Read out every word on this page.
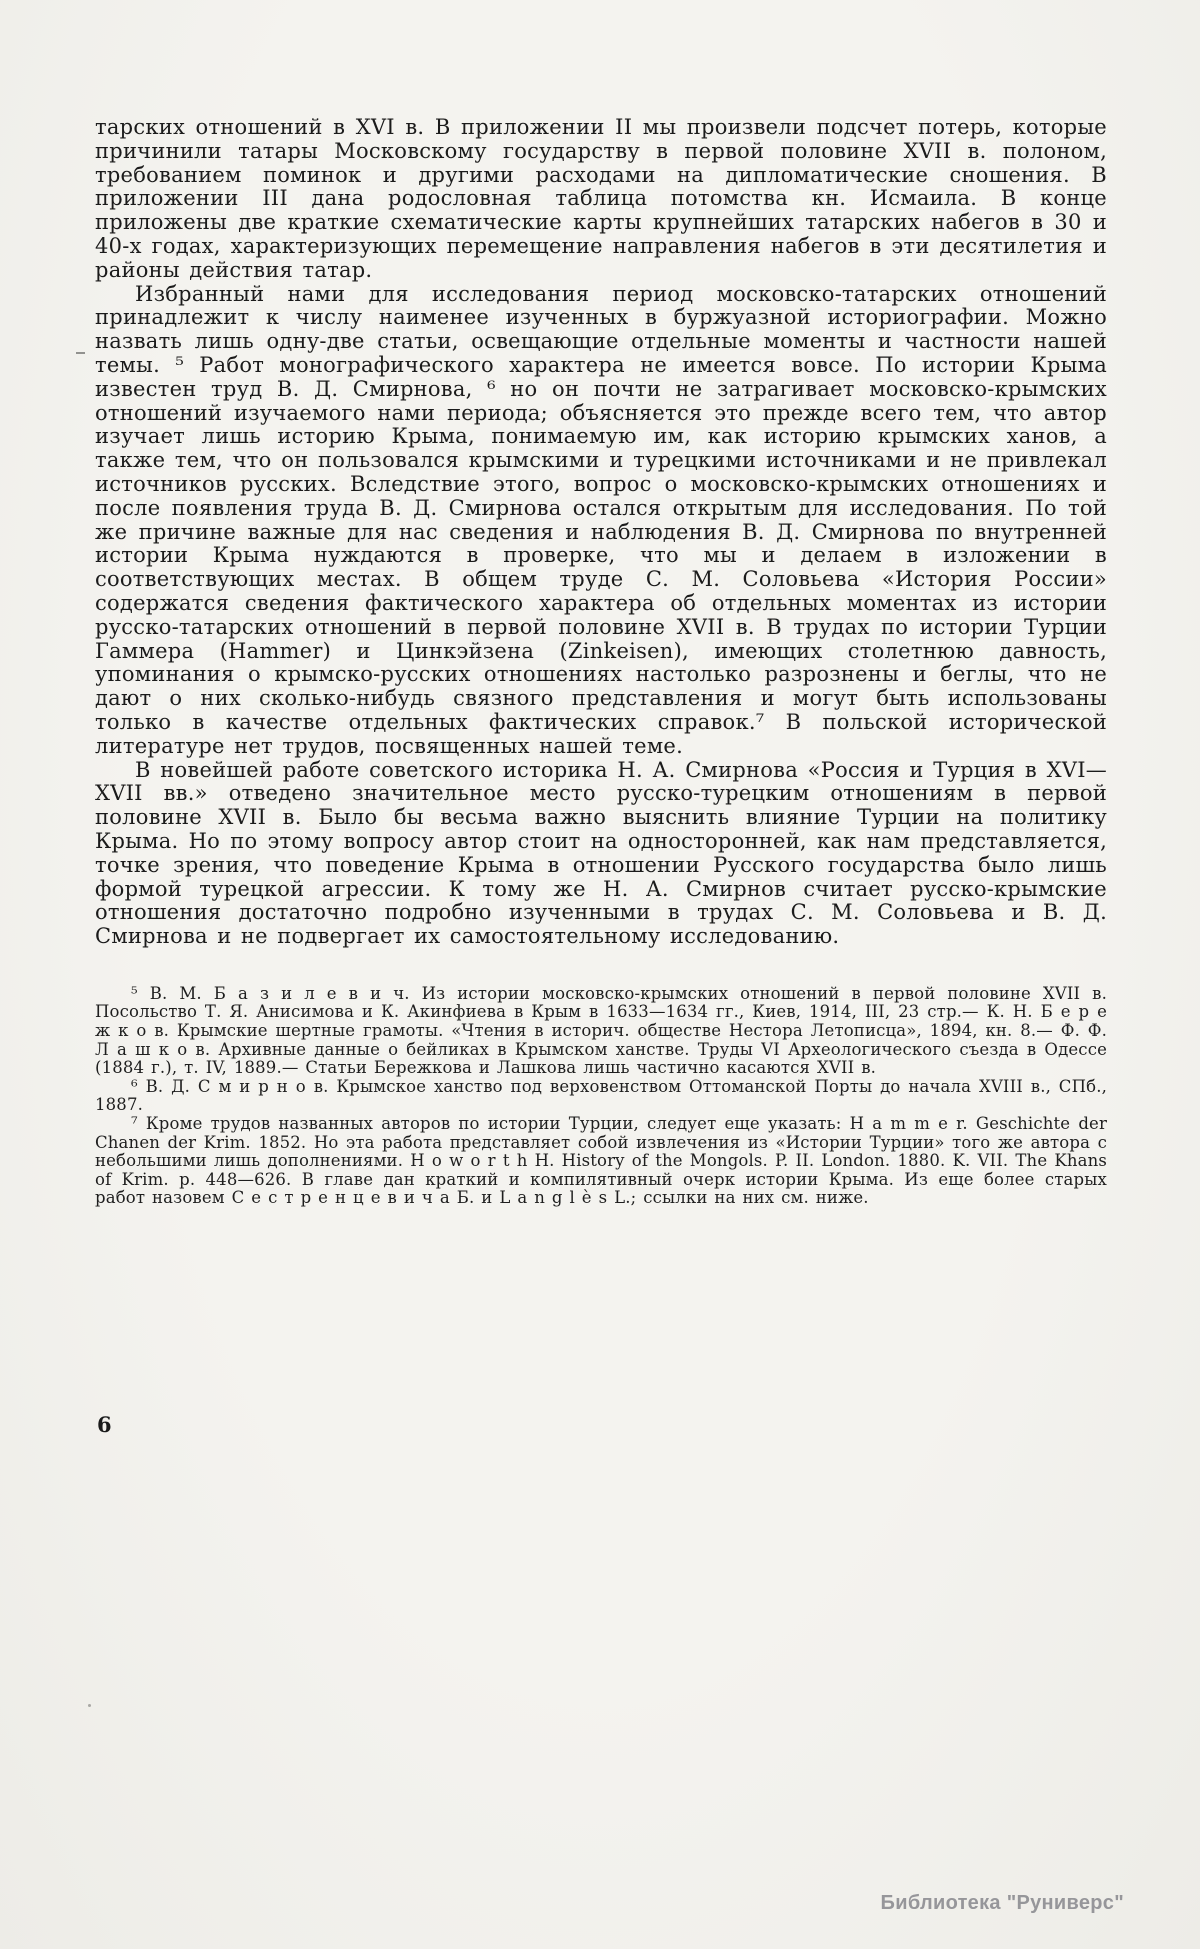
тарских отношений в XVI в. В приложении II мы произвели подсчет потерь, которые причинили татары Московскому государству в первой половине XVII в. полоном, требованием поминок и другими расходами на дипломатические сношения. В приложении III дана родословная таблица потомства кн. Исмаила. В конце приложены две краткие схематические карты крупнейших татарских набегов в 30 и 40-х годах, характеризующих перемещение направления набегов в эти десятилетия и районы действия татар.

Избранный нами для исследования период московско-татарских отношений принадлежит к числу наименее изученных в буржуазной историографии. Можно назвать лишь одну-две статьи, освещающие отдельные моменты и частности нашей темы. ⁵ Работ монографического характера не имеется вовсе. По истории Крыма известен труд В. Д. Смирнова, ⁶ но он почти не затрагивает московско-крымских отношений изучаемого нами периода; объясняется это прежде всего тем, что автор изучает лишь историю Крыма, понимаемую им, как историю крымских ханов, а также тем, что он пользовался крымскими и турецкими источниками и не привлекал источников русских. Вследствие этого, вопрос о московско-крымских отношениях и после появления труда В. Д. Смирнова остался открытым для исследования. По той же причине важные для нас сведения и наблюдения В. Д. Смирнова по внутренней истории Крыма нуждаются в проверке, что мы и делаем в изложении в соответствующих местах. В общем труде С. М. Соловьева «История России» содержатся сведения фактического характера об отдельных моментах из истории русско-татарских отношений в первой половине XVII в. В трудах по истории Турции Гаммера (Hammer) и Цинкэйзена (Zinkeisen), имеющих столетнюю давность, упоминания о крымско-русских отношениях настолько разрознены и беглы, что не дают о них сколько-нибудь связного представления и могут быть использованы только в качестве отдельных фактических справок.⁷ В польской исторической литературе нет трудов, посвященных нашей теме.

В новейшей работе советского историка Н. А. Смирнова «Россия и Турция в XVI—XVII вв.» отведено значительное место русско-турецким отношениям в первой половине XVII в. Было бы весьма важно выяснить влияние Турции на политику Крыма. Но по этому вопросу автор стоит на односторонней, как нам представляется, точке зрения, что поведение Крыма в отношении Русского государства было лишь формой турецкой агрессии. К тому же Н. А. Смирнов считает русско-крымские отношения достаточно подробно изученными в трудах С. М. Соловьева и В. Д. Смирнова и не подвергает их самостоятельному исследованию.

⁵ В. М. Б а з и л е в и ч. Из истории московско-крымских отношений в первой половине XVII в. Посольство Т. Я. Анисимова и К. Акинфиева в Крым в 1633—1634 гг., Киев, 1914, III, 23 стр.— К. Н. Б е р е ж к о в. Крымские шертные грамоты. «Чтения в историч. обществе Нестора Летописца», 1894, кн. 8.— Ф. Ф. Л а ш к о в. Архивные данные о бейликах в Крымском ханстве. Труды VI Археологического съезда в Одессе (1884 г.), т. IV, 1889.— Статьи Бережкова и Лашкова лишь частично касаются XVII в.

⁶ В. Д. С м и р н о в. Крымское ханство под верховенством Оттоманской Порты до начала XVIII в., СПб., 1887.

⁷ Кроме трудов названных авторов по истории Турции, следует еще указать: H a m m e r. Geschichte der Chanen der Krim. 1852. Но эта работа представляет собой извлечения из «Истории Турции» того же автора с небольшими лишь дополнениями. H o w o r t h H. History of the Mongols. P. II. London. 1880. K. VII. The Khans of Krim. p. 448—626. В главе дан краткий и компилятивный очерк истории Крыма. Из еще более старых работ назовем С е с т р е н ц е в и ч а Б. и L a n g l è s L.; ссылки на них см. ниже.

6
Библиотека "Руниверс"
